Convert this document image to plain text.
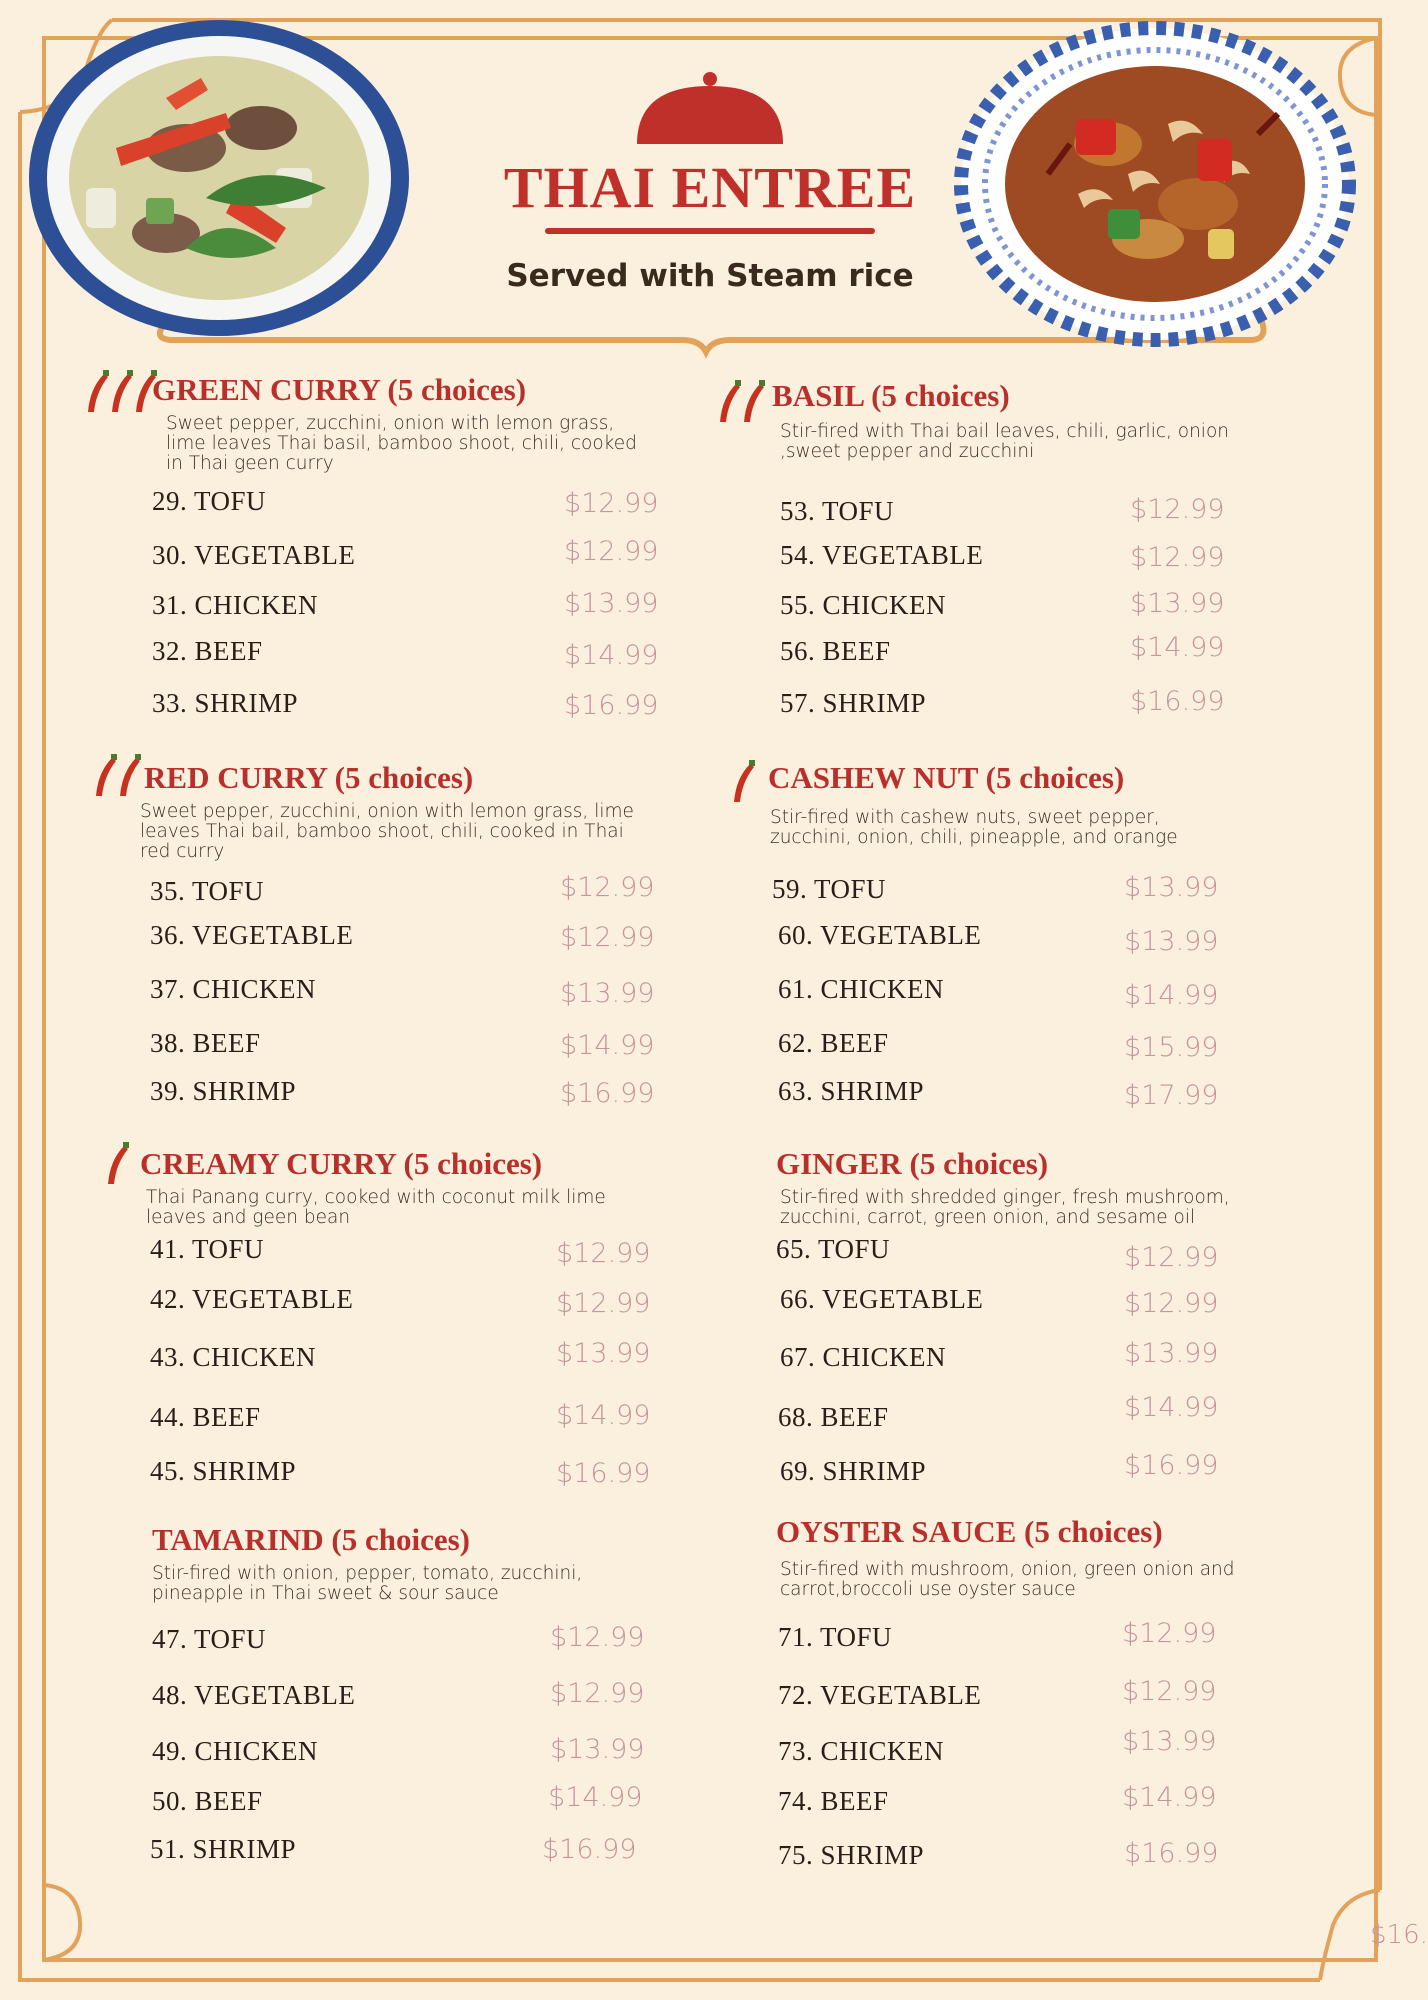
THAI ENTREE
Served with Steam rice
GREEN CURRY (5 choices)
Sweet pepper, zucchini, onion with lemon grass,
lime leaves Thai basil, bamboo shoot, chili, cooked
in Thai geen curry
29. TOFU	$12.99
30. VEGETABLE	$12.99
31. CHICKEN	$13.99
32. BEEF	$14.99
33. SHRIMP	$16.99
RED CURRY (5 choices)
Sweet pepper, zucchini, onion with lemon grass, lime
leaves Thai bail, bamboo shoot, chili, cooked in Thai
red curry
35. TOFU	$12.99
36. VEGETABLE	$12.99
37. CHICKEN	$13.99
38. BEEF	$14.99
39. SHRIMP	$16.99
CREAMY CURRY (5 choices)
Thai Panang curry, cooked with coconut milk lime
leaves and geen bean
41. TOFU	$12.99
42. VEGETABLE	$12.99
43. CHICKEN	$13.99
44. BEEF	$14.99
45. SHRIMP	$16.99
TAMARIND (5 choices)
Stir-fired with onion, pepper, tomato, zucchini,
pineapple in Thai sweet & sour sauce
47. TOFU	$12.99
48. VEGETABLE	$12.99
49. CHICKEN	$13.99
50. BEEF	$14.99
51. SHRIMP	$16.99
BASIL (5 choices)
Stir-fired with Thai bail leaves, chili, garlic, onion
,sweet pepper and zucchini
53. TOFU	$12.99
54. VEGETABLE	$12.99
55. CHICKEN	$13.99
56. BEEF	$14.99
57. SHRIMP	$16.99
CASHEW NUT (5 choices)
Stir-fired with cashew nuts, sweet pepper,
zucchini, onion, chili, pineapple, and orange
59. TOFU	$13.99
60. VEGETABLE	$13.99
61. CHICKEN	$14.99
62. BEEF	$15.99
63. SHRIMP	$17.99
GINGER (5 choices)
Stir-fired with shredded ginger, fresh mushroom,
zucchini, carrot, green onion, and sesame oil
65. TOFU	$12.99
66. VEGETABLE	$12.99
67. CHICKEN	$13.99
68. BEEF	$14.99
69. SHRIMP	$16.99
OYSTER SAUCE (5 choices)
Stir-fired with mushroom, onion, green onion and
carrot,broccoli use oyster sauce
71. TOFU	$12.99
72. VEGETABLE	$12.99
73. CHICKEN	$13.99
74. BEEF	$14.99
75. SHRIMP	$16.99
$16.
